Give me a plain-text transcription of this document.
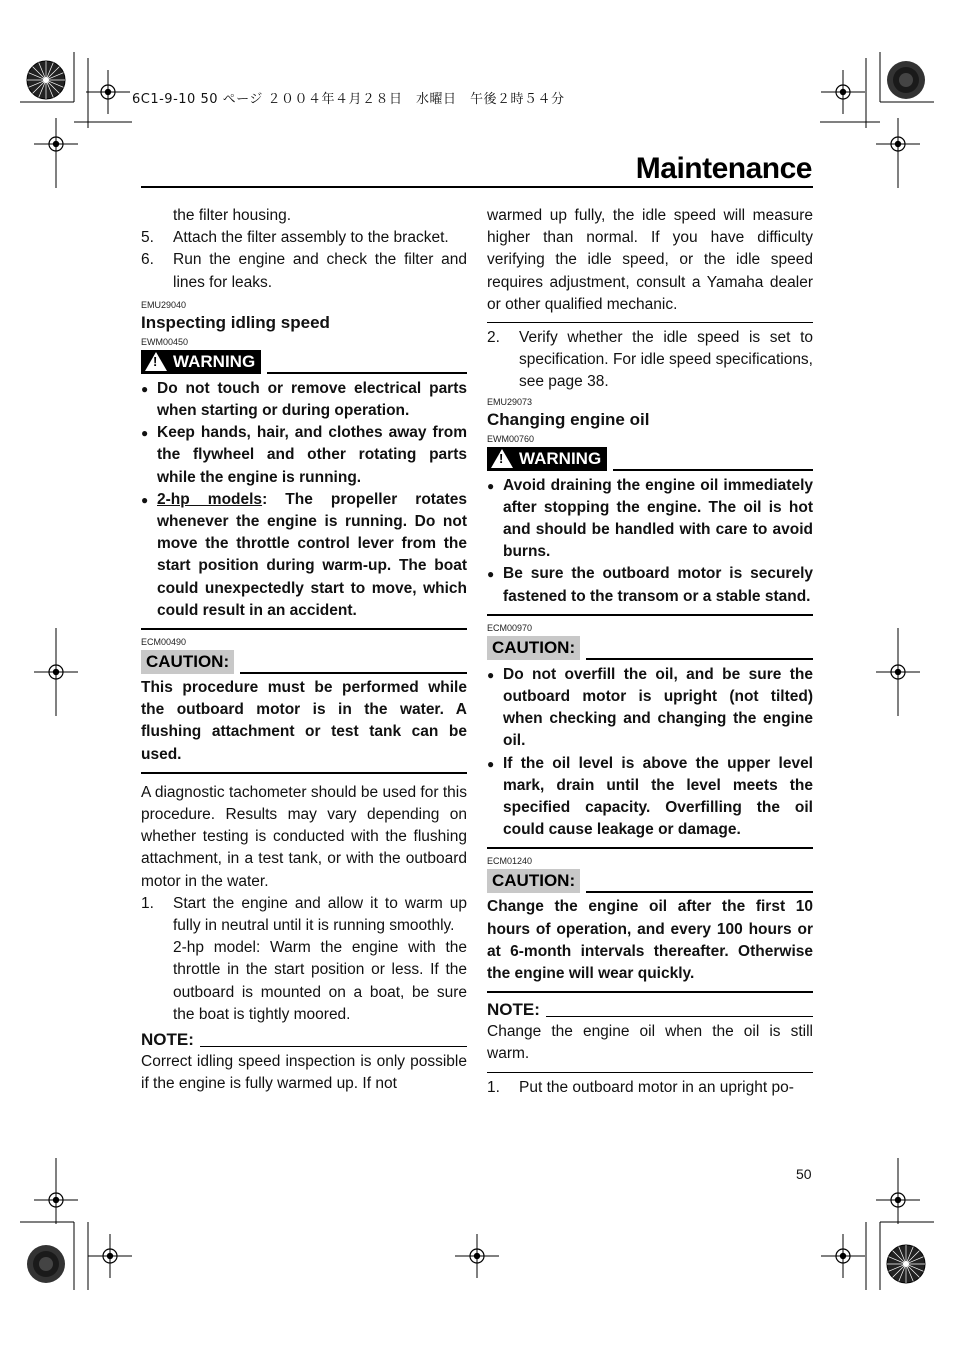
6C1-9-10 50 ページ ２００４年４月２８日　水曜日　午後２時５４分
Maintenance

the filter housing.

5.	Attach the filter assembly to the bracket.
6.	Run the engine and check the filter and lines for leaks.
EMU29040
Inspecting idling speed
EWM00450
! WARNING
● Do not touch or remove electrical parts when starting or during operation.
● Keep hands, hair, and clothes away from the flywheel and other rotating parts while the engine is running.
● 2-hp models: The propeller rotates whenever the engine is running. Do not move the throttle control lever from the start position during warm-up. The boat could unexpectedly start to move, which could result in an accident.
ECM00490
CAUTION:

This procedure must be performed while the outboard motor is in the water. A flushing attachment or test tank can be used.

A diagnostic tachometer should be used for this procedure. Results may vary depending on whether testing is conducted with the flushing attachment, in a test tank, or with the outboard motor in the water.

1.	Start the engine and allow it to warm up fully in neutral until it is running smoothly.

2-hp model: Warm the engine with the throttle in the start position or less. If the outboard is mounted on a boat, be sure the boat is tightly moored.

NOTE:

Correct idling speed inspection is only possible if the engine is fully warmed up. If not

warmed up fully, the idle speed will measure higher than normal. If you have difficulty verifying the idle speed, or the idle speed requires adjustment, consult a Yamaha dealer or other qualified mechanic.

2.	Verify whether the idle speed is set to specification. For idle speed specifications, see page 38.
EMU29073
Changing engine oil
EWM00760
! WARNING
● Avoid draining the engine oil immediately after stopping the engine. The oil is hot and should be handled with care to avoid burns.
● Be sure the outboard motor is securely fastened to the transom or a stable stand.
ECM00970
CAUTION:
● Do not overfill the oil, and be sure the outboard motor is upright (not tilted) when checking and changing the engine oil.
● If the oil level is above the upper level mark, drain until the level meets the specified capacity. Overfilling the oil could cause leakage or damage.
ECM01240
CAUTION:

Change the engine oil after the first 10 hours of operation, and every 100 hours or at 6-month intervals thereafter. Otherwise the engine will wear quickly.

NOTE:

Change the engine oil when the oil is still warm.

1.	Put the outboard motor in an upright po-
50
